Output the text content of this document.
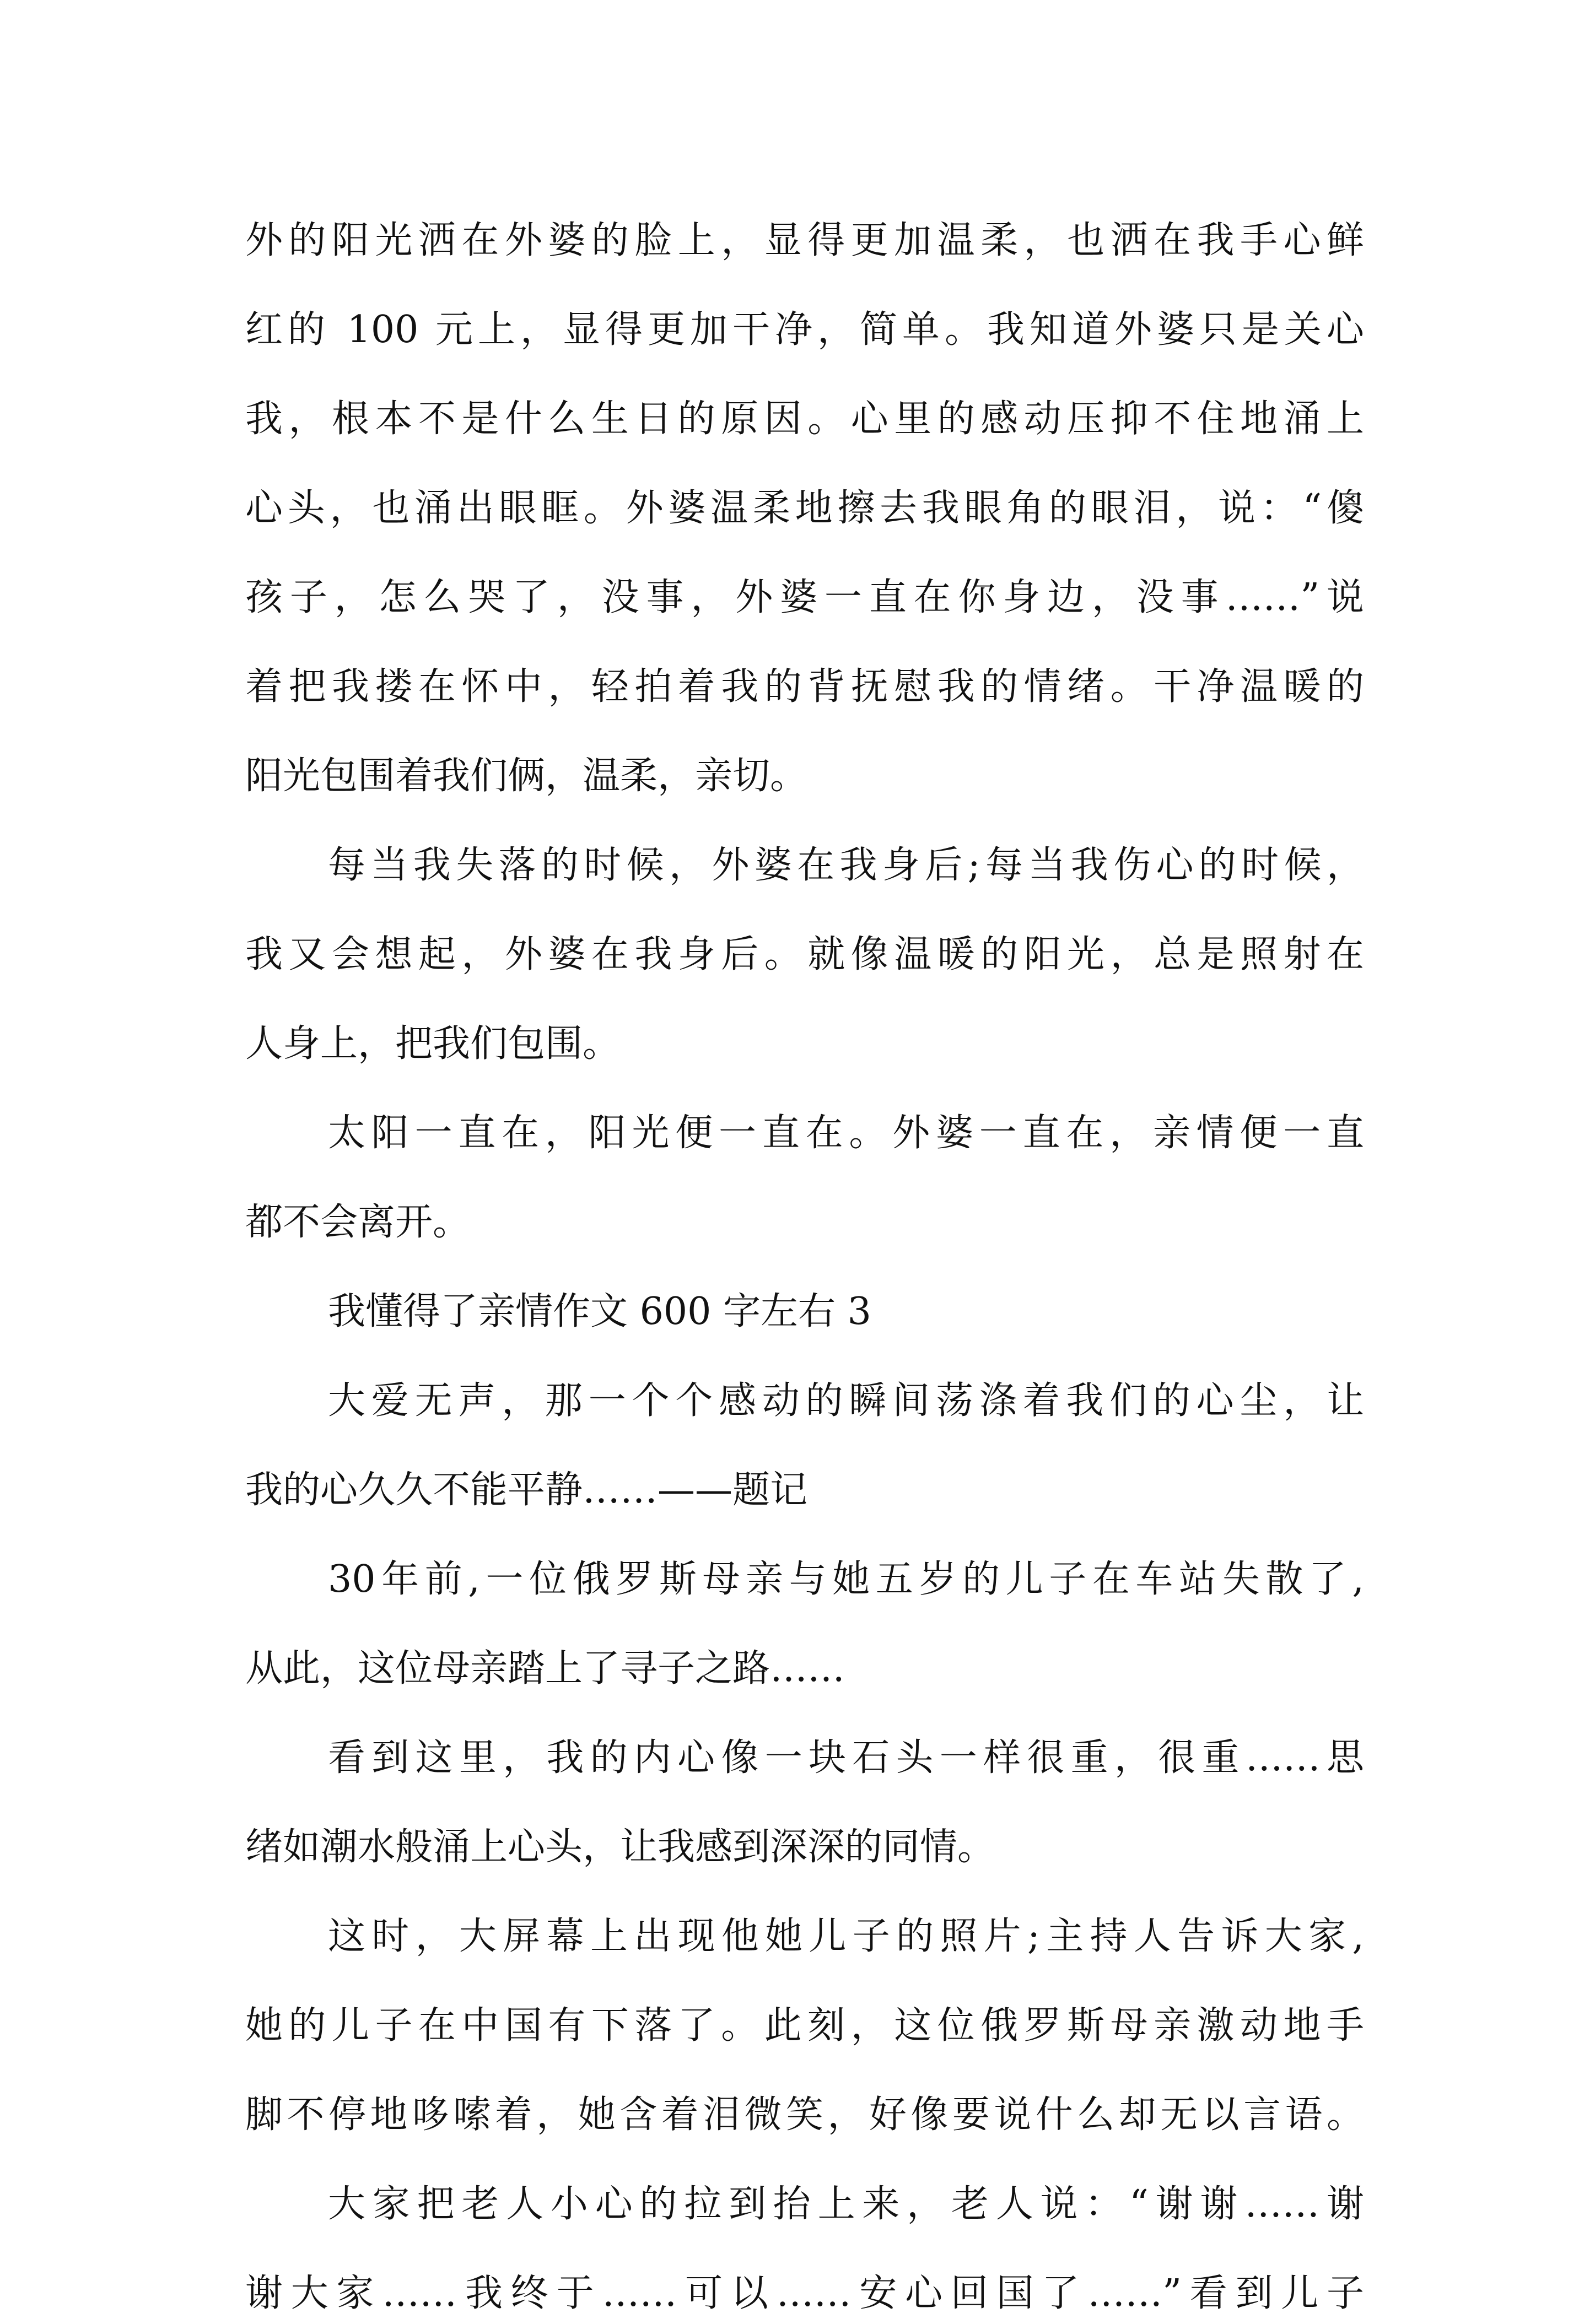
外的阳光洒在外婆的脸上，显得更加温柔，也洒在我手心鲜
红的 100 元上，显得更加干净，简单。我知道外婆只是关心
我，根本不是什么生日的原因。心里的感动压抑不住地涌上
心头，也涌出眼眶。外婆温柔地擦去我眼角的眼泪，说：“傻
孩子，怎么哭了，没事，外婆一直在你身边，没事……”说
着把我搂在怀中，轻拍着我的背抚慰我的情绪。干净温暖的
阳光包围着我们俩，温柔，亲切。
每当我失落的时候，外婆在我身后;每当我伤心的时候，
我又会想起，外婆在我身后。就像温暖的阳光，总是照射在
人身上，把我们包围。
太阳一直在，阳光便一直在。外婆一直在，亲情便一直
都不会离开。
我懂得了亲情作文 600 字左右 3
大爱无声，那一个个感动的瞬间荡涤着我们的心尘，让
我的心久久不能平静……——题记
30年前,一位俄罗斯母亲与她五岁的儿子在车站失散了,
从此，这位母亲踏上了寻子之路……
看到这里，我的内心像一块石头一样很重，很重……思
绪如潮水般涌上心头，让我感到深深的同情。
这时，大屏幕上出现他她儿子的照片;主持人告诉大家,
她的儿子在中国有下落了。此刻，这位俄罗斯母亲激动地手
脚不停地哆嗦着，她含着泪微笑，好像要说什么却无以言语。
大家把老人小心的拉到抬上来，老人说：“谢谢……谢
谢大家……我终于……可以……安心回国了……”看到儿子
